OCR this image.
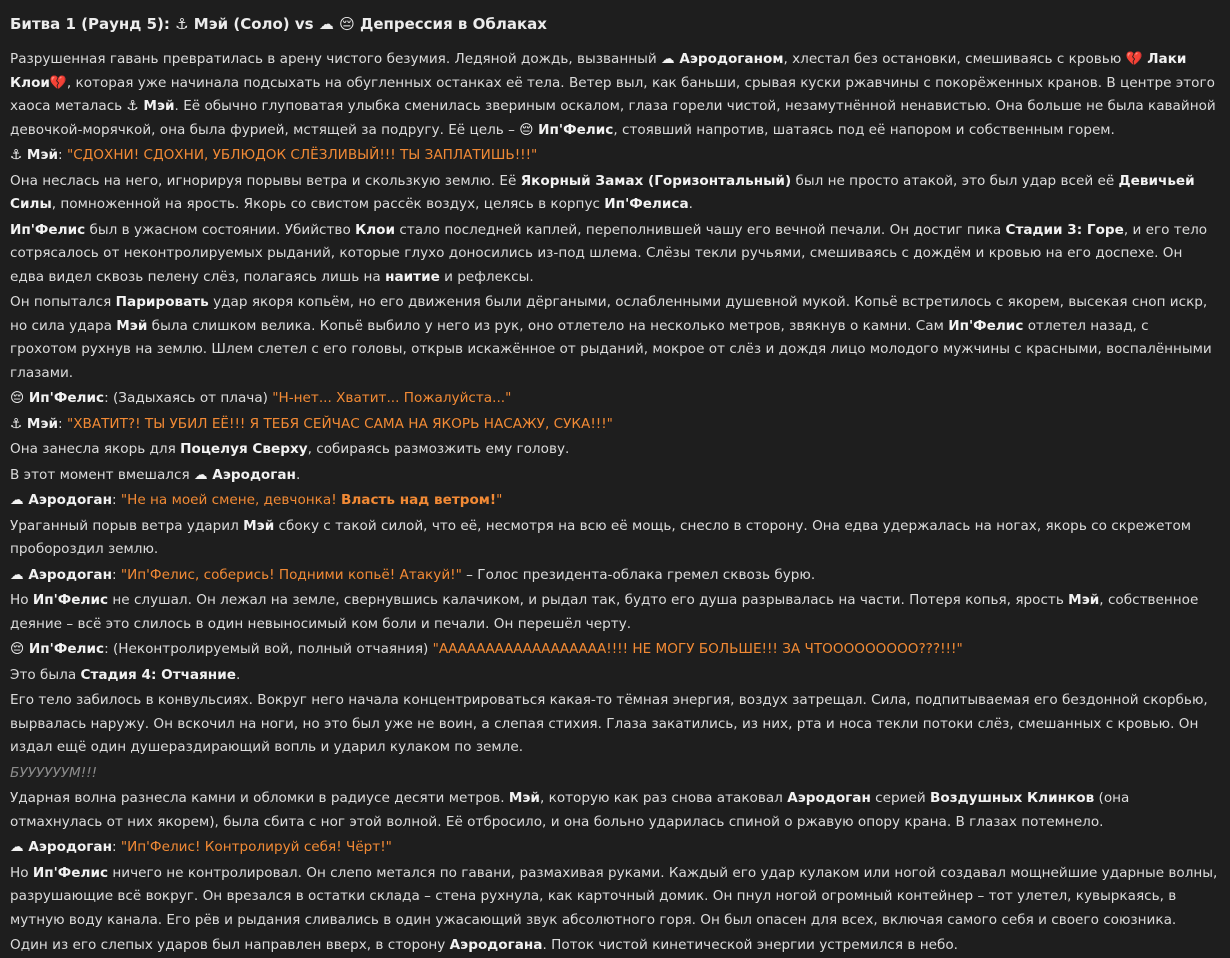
Битва 1 (Раунд 5): ⚓ Мэй (Соло) vs ☁ 😔 Депрессия в Облаках

Разрушенная гавань превратилась в арену чистого безумия. Ледяной дождь, вызванный ☁ Аэродоганом, хлестал без остановки, смешиваясь с кровью 💔 Лаки Клои💔, которая уже начинала подсыхать на обугленных останках её тела. Ветер выл, как баньши, срывая куски ржавчины с покорёженных кранов. В центре этого хаоса металась ⚓ Мэй. Её обычно глуповатая улыбка сменилась звериным оскалом, глаза горели чистой, незамутнённой ненавистью. Она больше не была кавайной девочкой-морячкой, она была фурией, мстящей за подругу. Её цель – 😔 Ип'Фелис, стоявший напротив, шатаясь под её напором и собственным горем.

⚓ Мэй: "СДОХНИ! СДОХНИ, УБЛЮДОК СЛЁЗЛИВЫЙ!!! ТЫ ЗАПЛАТИШЬ!!!"

Она неслась на него, игнорируя порывы ветра и скользкую землю. Её Якорный Замах (Горизонтальный) был не просто атакой, это был удар всей её Девичьей Силы, помноженной на ярость. Якорь со свистом рассёк воздух, целясь в корпус Ип'Фелиса.

Ип'Фелис был в ужасном состоянии. Убийство Клои стало последней каплей, переполнившей чашу его вечной печали. Он достиг пика Стадии 3: Горе, и его тело сотрясалось от неконтролируемых рыданий, которые глухо доносились из-под шлема. Слёзы текли ручьями, смешиваясь с дождём и кровью на его доспехе. Он едва видел сквозь пелену слёз, полагаясь лишь на наитие и рефлексы.

Он попытался Парировать удар якоря копьём, но его движения были дёргаными, ослабленными душевной мукой. Копьё встретилось с якорем, высекая сноп искр, но сила удара Мэй была слишком велика. Копьё выбило у него из рук, оно отлетело на несколько метров, звякнув о камни. Сам Ип'Фелис отлетел назад, с грохотом рухнув на землю. Шлем слетел с его головы, открыв искажённое от рыданий, мокрое от слёз и дождя лицо молодого мужчины с красными, воспалёнными глазами.

😔 Ип'Фелис: (Задыхаясь от плача) "Н-нет... Хватит... Пожалуйста..."

⚓ Мэй: "ХВАТИТ?! ТЫ УБИЛ ЕЁ!!! Я ТЕБЯ СЕЙЧАС САМА НА ЯКОРЬ НАСАЖУ, СУКА!!!"

Она занесла якорь для Поцелуя Сверху, собираясь размозжить ему голову.

В этот момент вмешался ☁ Аэродоган.

☁ Аэродоган: "Не на моей смене, девчонка! Власть над ветром!"

Ураганный порыв ветра ударил Мэй сбоку с такой силой, что её, несмотря на всю её мощь, снесло в сторону. Она едва удержалась на ногах, якорь со скрежетом пробороздил землю.

☁ Аэродоган: "Ип'Фелис, соберись! Подними копьё! Атакуй!" – Голос президента-облака гремел сквозь бурю.

Но Ип'Фелис не слушал. Он лежал на земле, свернувшись калачиком, и рыдал так, будто его душа разрывалась на части. Потеря копья, ярость Мэй, собственное деяние – всё это слилось в один невыносимый ком боли и печали. Он перешёл черту.

😔 Ип'Фелис: (Неконтролируемый вой, полный отчаяния) "АААААААААААААААААА!!!! НЕ МОГУ БОЛЬШЕ!!! ЗА ЧТООООООООО???!!!"

Это была Стадия 4: Отчаяние.

Его тело забилось в конвульсиях. Вокруг него начала концентрироваться какая-то тёмная энергия, воздух затрещал. Сила, подпитываемая его бездонной скорбью, вырвалась наружу. Он вскочил на ноги, но это был уже не воин, а слепая стихия. Глаза закатились, из них, рта и носа текли потоки слёз, смешанных с кровью. Он издал ещё один душераздирающий вопль и ударил кулаком по земле.

БУУУУУУМ!!!

Ударная волна разнесла камни и обломки в радиусе десяти метров. Мэй, которую как раз снова атаковал Аэродоган серией Воздушных Клинков (она отмахнулась от них якорем), была сбита с ног этой волной. Её отбросило, и она больно ударилась спиной о ржавую опору крана. В глазах потемнело.

☁ Аэродоган: "Ип'Фелис! Контролируй себя! Чёрт!"

Но Ип'Фелис ничего не контролировал. Он слепо метался по гавани, размахивая руками. Каждый его удар кулаком или ногой создавал мощнейшие ударные волны, разрушающие всё вокруг. Он врезался в остатки склада – стена рухнула, как карточный домик. Он пнул ногой огромный контейнер – тот улетел, кувыркаясь, в мутную воду канала. Его рёв и рыдания сливались в один ужасающий звук абсолютного горя. Он был опасен для всех, включая самого себя и своего союзника.

Один из его слепых ударов был направлен вверх, в сторону Аэродогана. Поток чистой кинетической энергии устремился в небо.
